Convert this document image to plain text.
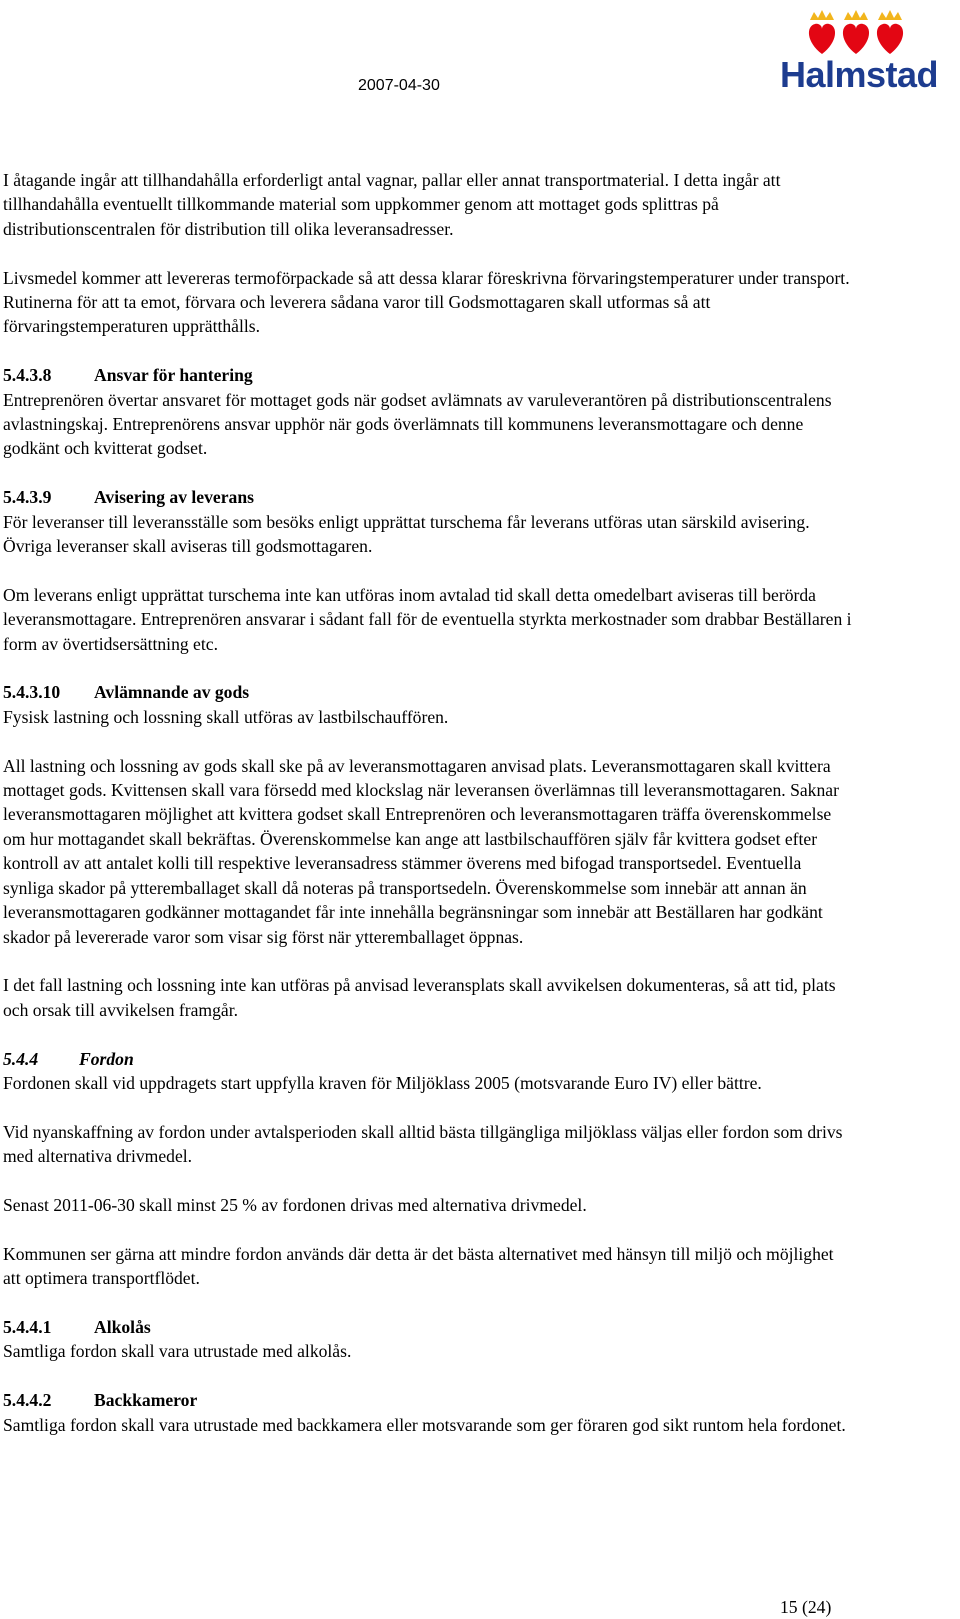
2007-04-30	Halmstad

I åtagande ingår att tillhandahålla erforderligt antal vagnar, pallar eller annat transportmaterial. I detta ingår att tillhandahålla eventuellt tillkommande material som uppkommer genom att mottaget gods splittras på distributionscentralen för distribution till olika leveransadresser.

Livsmedel kommer att levereras termoförpackade så att dessa klarar föreskrivna förvaringstemperaturer under transport. Rutinerna för att ta emot, förvara och leverera sådana varor till Godsmottagaren skall utformas så att förvaringstemperaturen upprätthålls.

5.4.3.8 Ansvar för hantering

Entreprenören övertar ansvaret för mottaget gods när godset avlämnats av varuleverantören på distributionscentralens avlastningskaj. Entreprenörens ansvar upphör när gods överlämnats till kommunens leveransmottagare och denne godkänt och kvitterat godset.

5.4.3.9 Avisering av leverans

För leveranser till leveransställe som besöks enligt upprättat turschema får leverans utföras utan särskild avisering. Övriga leveranser skall aviseras till godsmottagaren.

Om leverans enligt upprättat turschema inte kan utföras inom avtalad tid skall detta omedelbart aviseras till berörda leveransmottagare. Entreprenören ansvarar i sådant fall för de eventuella styrkta merkostnader som drabbar Beställaren i form av övertidsersättning etc.

5.4.3.10 Avlämnande av gods

Fysisk lastning och lossning skall utföras av lastbilschauffören.

All lastning och lossning av gods skall ske på av leveransmottagaren anvisad plats. Leveransmottagaren skall kvittera mottaget gods. Kvittensen skall vara försedd med klockslag när leveransen överlämnas till leveransmottagaren. Saknar leveransmottagaren möjlighet att kvittera godset skall Entreprenören och leveransmottagaren träffa överenskommelse om hur mottagandet skall bekräftas. Överenskommelse kan ange att lastbilschauffören själv får kvittera godset efter kontroll av att antalet kolli till respektive leveransadress stämmer överens med bifogad transportsedel. Eventuella synliga skador på ytteremballaget skall då noteras på transportsedeln. Överenskommelse som innebär att annan än leveransmottagaren godkänner mottagandet får inte innehålla begränsningar som innebär att Beställaren har godkänt skador på levererade varor som visar sig först när ytteremballaget öppnas.

I det fall lastning och lossning inte kan utföras på anvisad leveransplats skall avvikelsen dokumenteras, så att tid, plats och orsak till avvikelsen framgår.

5.4.4 Fordon

Fordonen skall vid uppdragets start uppfylla kraven för Miljöklass 2005 (motsvarande Euro IV) eller bättre.

Vid nyanskaffning av fordon under avtalsperioden skall alltid bästa tillgängliga miljöklass väljas eller fordon som drivs med alternativa drivmedel.

Senast 2011-06-30 skall minst 25 % av fordonen drivas med alternativa drivmedel.

Kommunen ser gärna att mindre fordon används där detta är det bästa alternativet med hänsyn till miljö och möjlighet att optimera transportflödet.

5.4.4.1 Alkolås

Samtliga fordon skall vara utrustade med alkolås.

5.4.4.2 Backkameror

Samtliga fordon skall vara utrustade med backkamera eller motsvarande som ger föraren god sikt runtom hela fordonet.

15 (24)
